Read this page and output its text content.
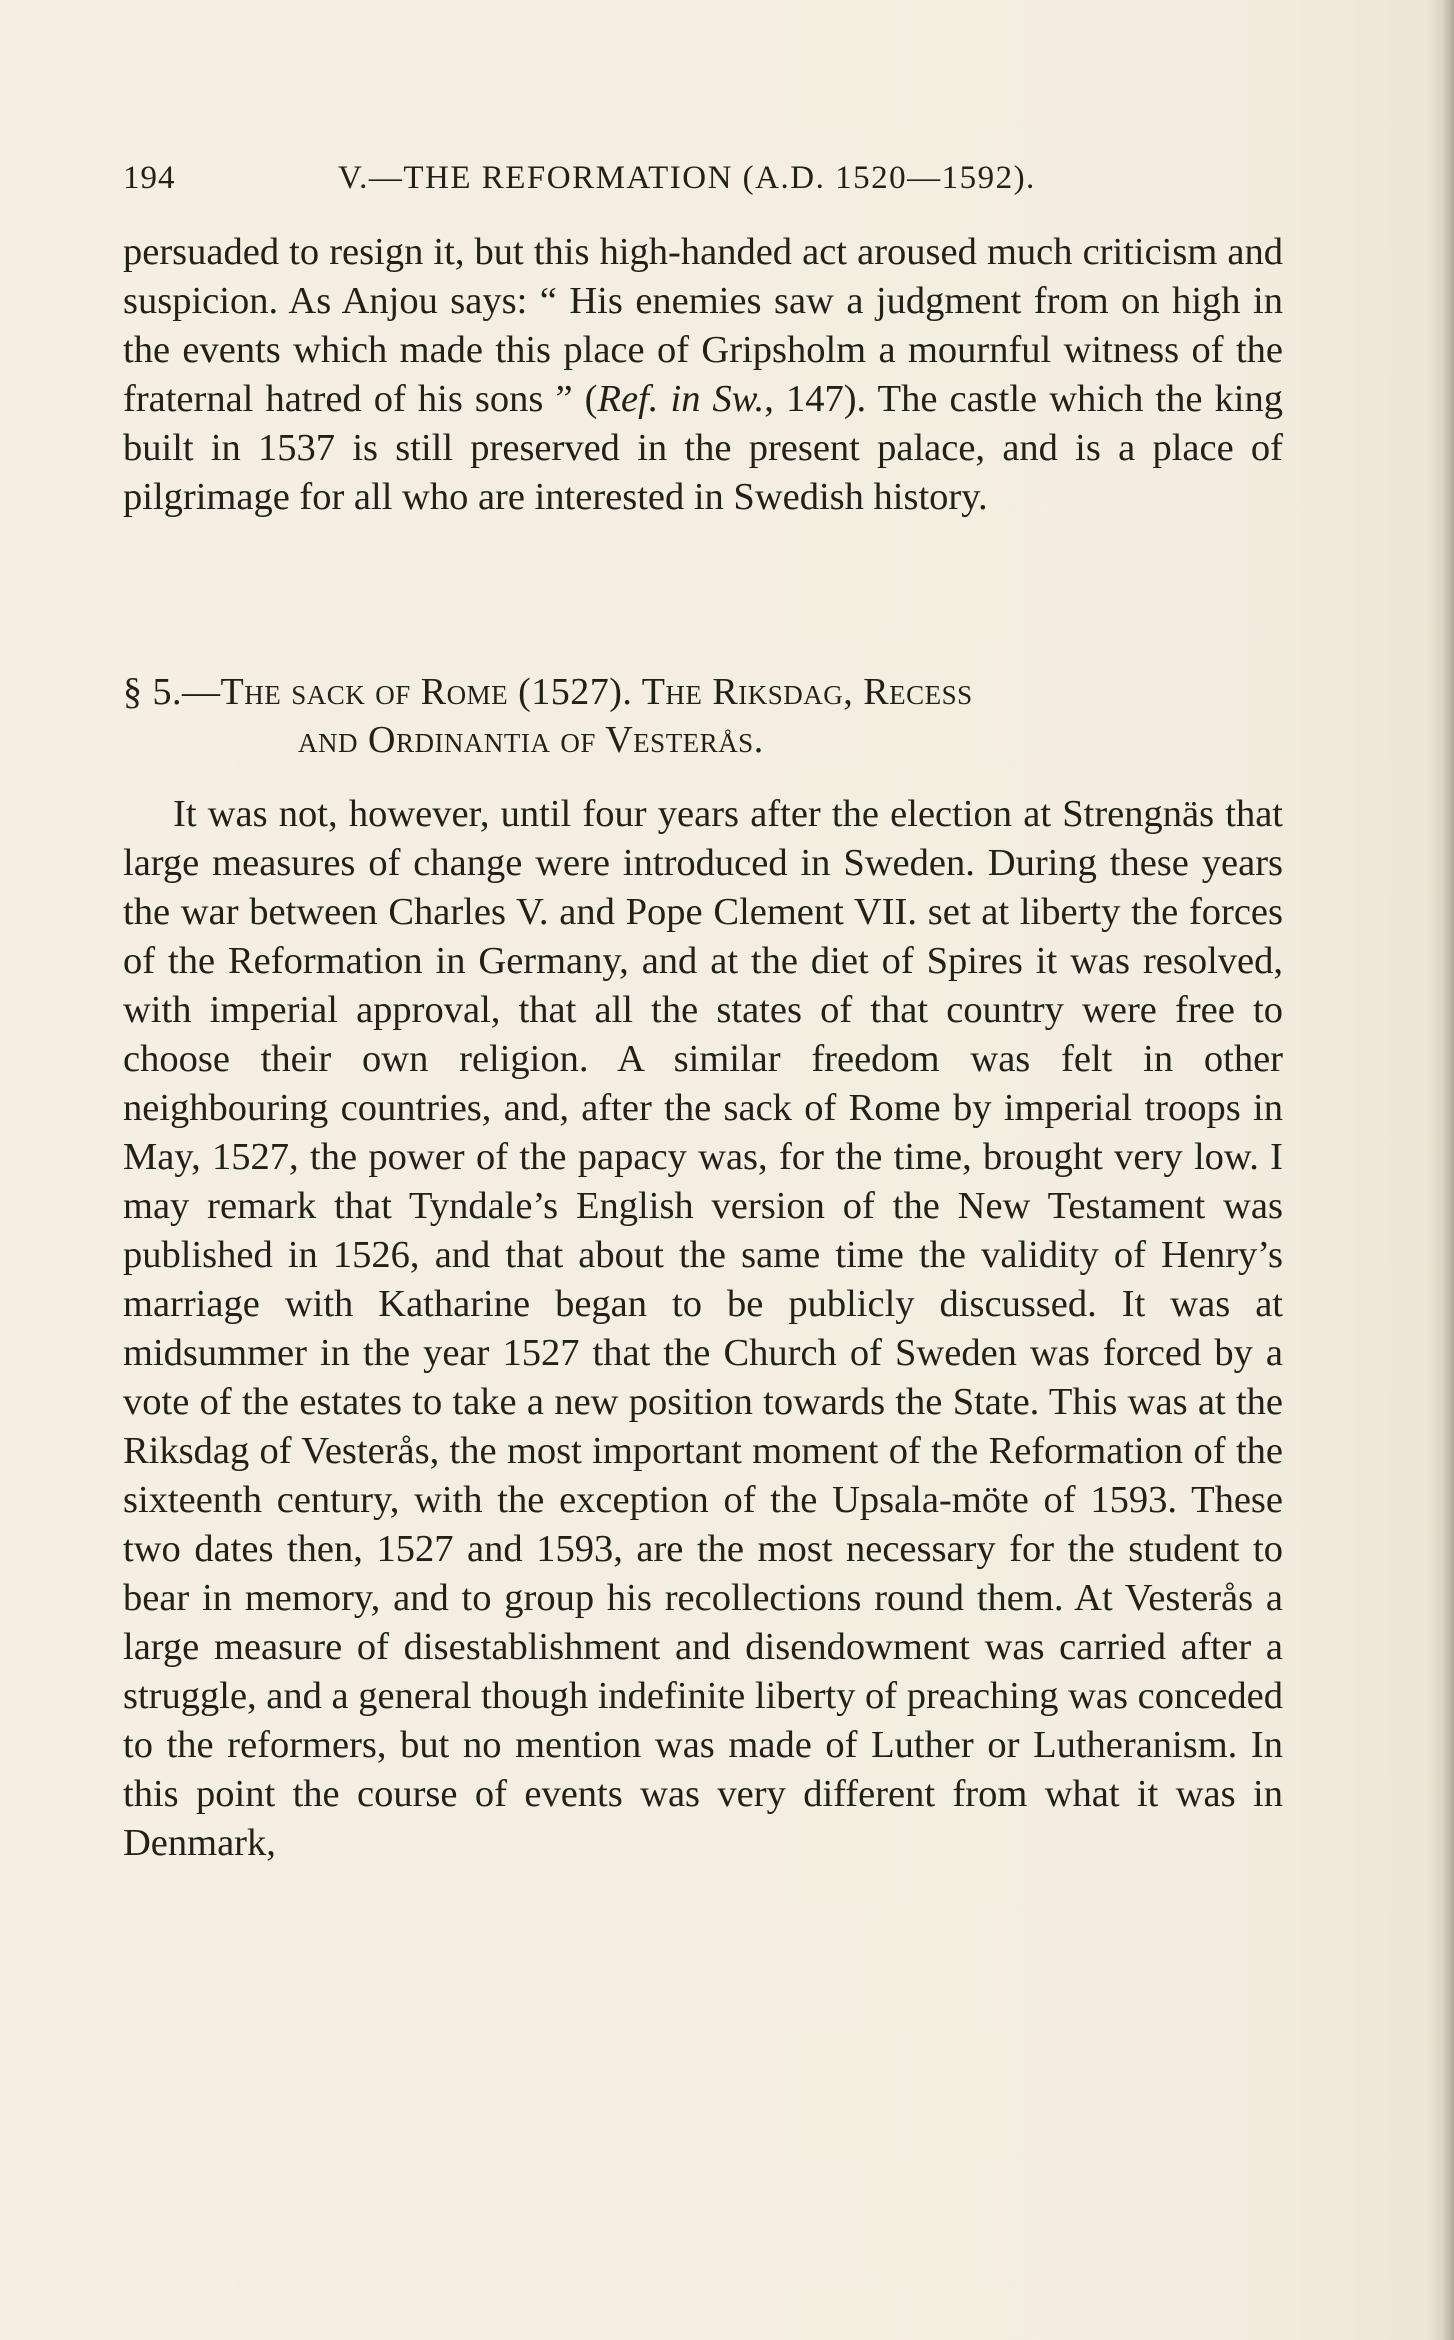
194	V.—THE REFORMATION (A.D. 1520—1592).

persuaded to resign it, but this high-handed act aroused much criticism and suspicion. As Anjou says: “ His enemies saw a judgment from on high in the events which made this place of Gripsholm a mournful witness of the fraternal hatred of his sons ” (Ref. in Sw., 147). The castle which the king built in 1537 is still preserved in the present palace, and is a place of pilgrimage for all who are interested in Swedish history.

§ 5.—The sack of Rome (1527). The Riksdag, Recess
and Ordinantia of Vesterås.

It was not, however, until four years after the election at Strengnäs that large measures of change were introduced in Sweden. During these years the war between Charles V. and Pope Clement VII. set at liberty the forces of the Reformation in Germany, and at the diet of Spires it was resolved, with imperial approval, that all the states of that country were free to choose their own religion. A similar freedom was felt in other neighbouring countries, and, after the sack of Rome by imperial troops in May, 1527, the power of the papacy was, for the time, brought very low. I may remark that Tyndale’s English version of the New Testament was published in 1526, and that about the same time the validity of Henry’s marriage with Katharine began to be publicly discussed. It was at midsummer in the year 1527 that the Church of Sweden was forced by a vote of the estates to take a new position towards the State. This was at the Riksdag of Vesterås, the most important moment of the Reformation of the sixteenth century, with the exception of the Upsala-möte of 1593. These two dates then, 1527 and 1593, are the most necessary for the student to bear in memory, and to group his recollections round them. At Vesterås a large measure of disestablishment and disendowment was carried after a struggle, and a general though indefinite liberty of preaching was conceded to the reformers, but no mention was made of Luther or Lutheranism. In this point the course of events was very different from what it was in Denmark,
